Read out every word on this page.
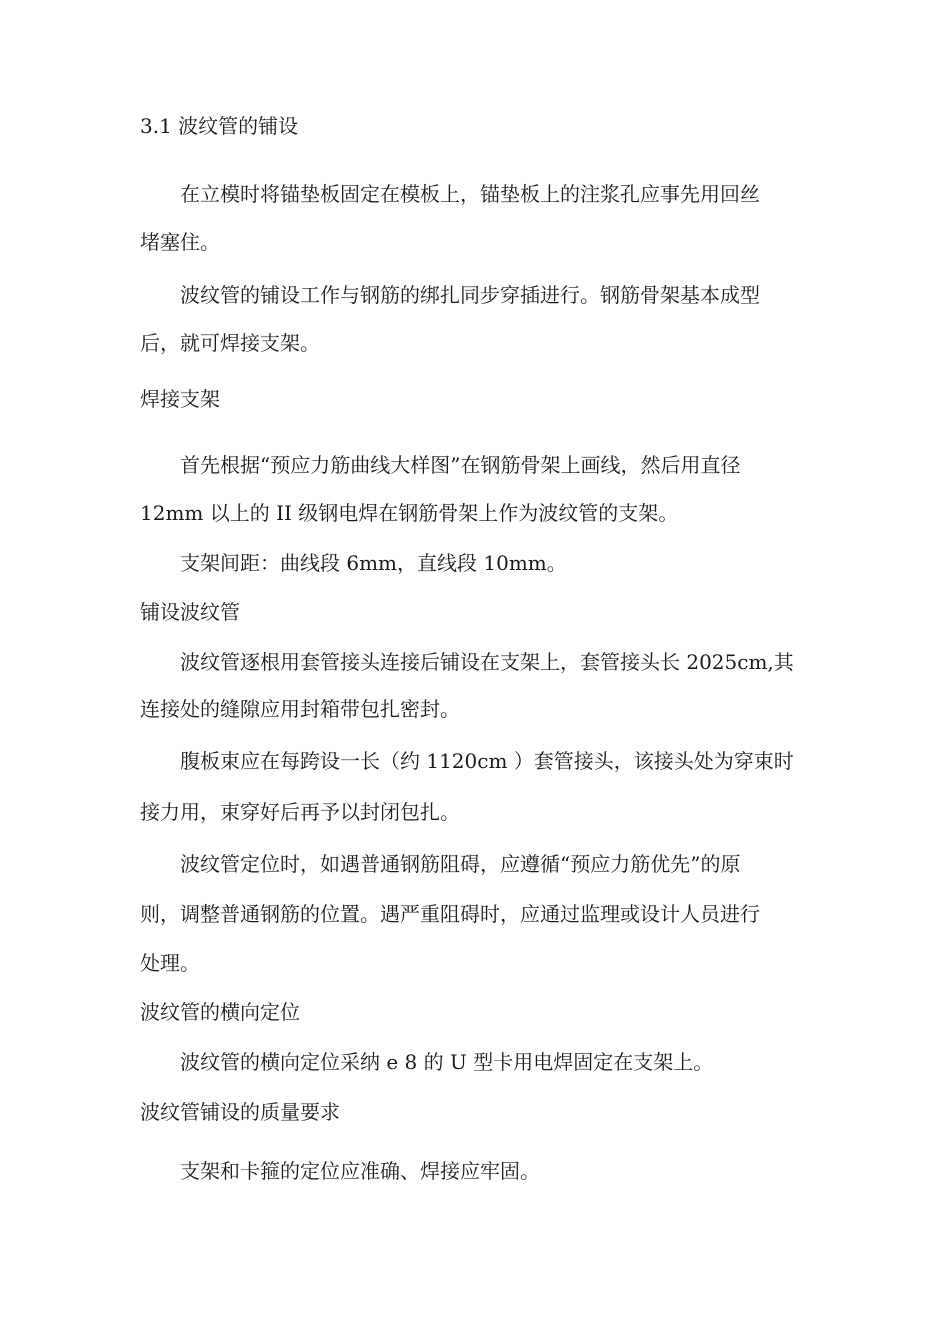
3.1 波纹管的铺设
在立模时将锚垫板固定在模板上，锚垫板上的注浆孔应事先用回丝
堵塞住。
波纹管的铺设工作与钢筋的绑扎同步穿插进行。钢筋骨架基本成型
后，就可焊接支架。
焊接支架
首先根据“预应力筋曲线大样图”在钢筋骨架上画线，然后用直径
12mm 以上的 II 级钢电焊在钢筋骨架上作为波纹管的支架。
支架间距：曲线段 6mm，直线段 10mm。
铺设波纹管
波纹管逐根用套管接头连接后铺设在支架上，套管接头长 2025cm,其
连接处的缝隙应用封箱带包扎密封。
腹板束应在每跨设一长（约 1120cm ）套管接头，该接头处为穿束时
接力用，束穿好后再予以封闭包扎。
波纹管定位时，如遇普通钢筋阻碍，应遵循“预应力筋优先”的原
则，调整普通钢筋的位置。遇严重阻碍时，应通过监理或设计人员进行
处理。
波纹管的横向定位
波纹管的横向定位采纳 e 8 的 U 型卡用电焊固定在支架上。
波纹管铺设的质量要求
支架和卡箍的定位应准确、焊接应牢固。
